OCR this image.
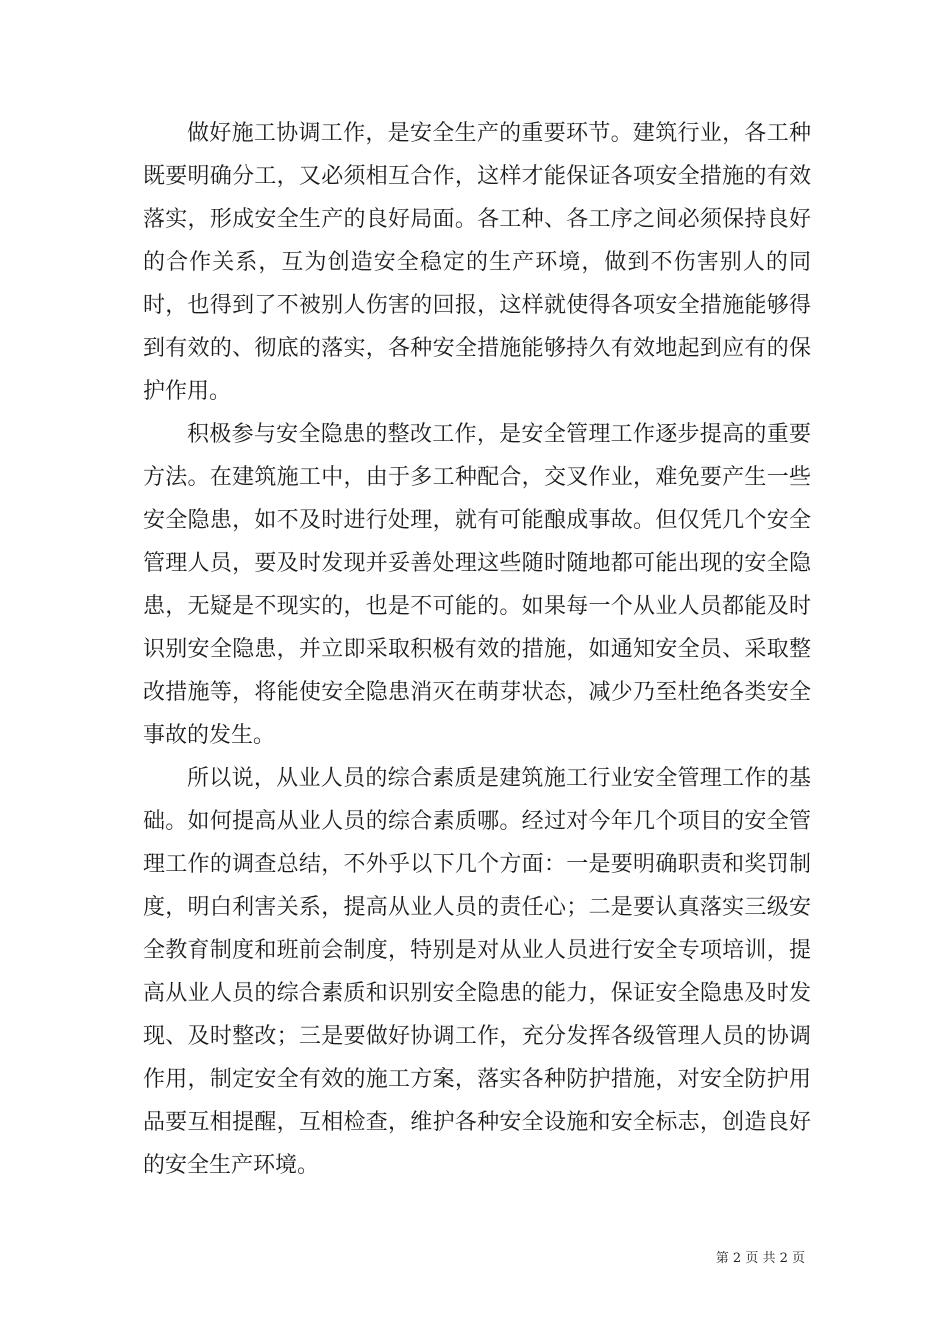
做好施工协调工作，是安全生产的重要环节。建筑行业，各工种既要明确分工，又必须相互合作，这样才能保证各项安全措施的有效落实，形成安全生产的良好局面。各工种、各工序之间必须保持良好的合作关系，互为创造安全稳定的生产环境，做到不伤害别人的同时，也得到了不被别人伤害的回报，这样就使得各项安全措施能够得到有效的、彻底的落实，各种安全措施能够持久有效地起到应有的保护作用。

积极参与安全隐患的整改工作，是安全管理工作逐步提高的重要方法。在建筑施工中，由于多工种配合，交叉作业，难免要产生一些安全隐患，如不及时进行处理，就有可能酿成事故。但仅凭几个安全管理人员，要及时发现并妥善处理这些随时随地都可能出现的安全隐患，无疑是不现实的，也是不可能的。如果每一个从业人员都能及时识别安全隐患，并立即采取积极有效的措施，如通知安全员、采取整改措施等，将能使安全隐患消灭在萌芽状态，减少乃至杜绝各类安全事故的发生。

所以说，从业人员的综合素质是建筑施工行业安全管理工作的基础。如何提高从业人员的综合素质哪。经过对今年几个项目的安全管理工作的调查总结，不外乎以下几个方面：一是要明确职责和奖罚制度，明白利害关系，提高从业人员的责任心；二是要认真落实三级安全教育制度和班前会制度，特别是对从业人员进行安全专项培训，提高从业人员的综合素质和识别安全隐患的能力，保证安全隐患及时发现、及时整改；三是要做好协调工作，充分发挥各级管理人员的协调作用，制定安全有效的施工方案，落实各种防护措施，对安全防护用品要互相提醒，互相检查，维护各种安全设施和安全标志，创造良好的安全生产环境。

第 2 页 共 2 页
